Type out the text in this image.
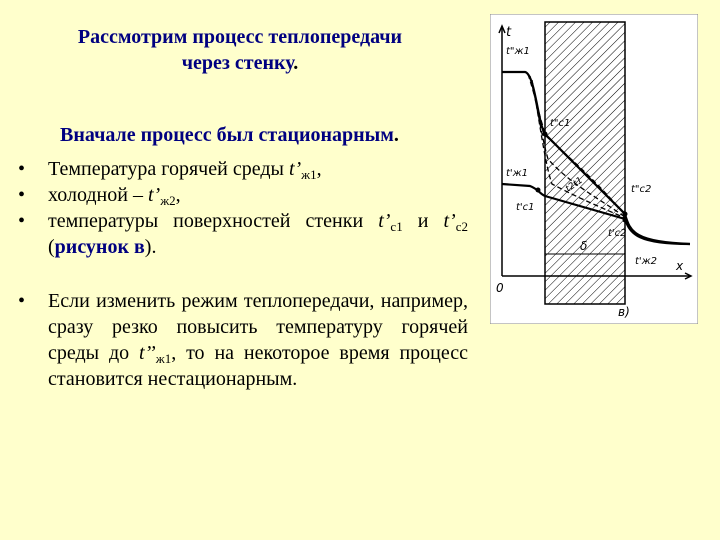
Рассмотрим процесс теплопередачи
через стенку.
Вначале процесс был стационарным.
•	Температура горячей среды $t’_{ж1}$,
•	холодной – $t’_{ж2}$,
•	температуры поверхностей стенки $t’_{с1}$ и $t’_{с2}$ (рисунок в).
•	Если изменить режим теплопередачи, например, сразу резко повысить температуру горячей среды до $t’’_{ж1}$, то на некоторое время процесс становится нестационарным.
t
t"ж1
t"c1
t'ж1
t'c1
t"c2
t'c2
t'ж2
δ
x
0
в)
t2t1
